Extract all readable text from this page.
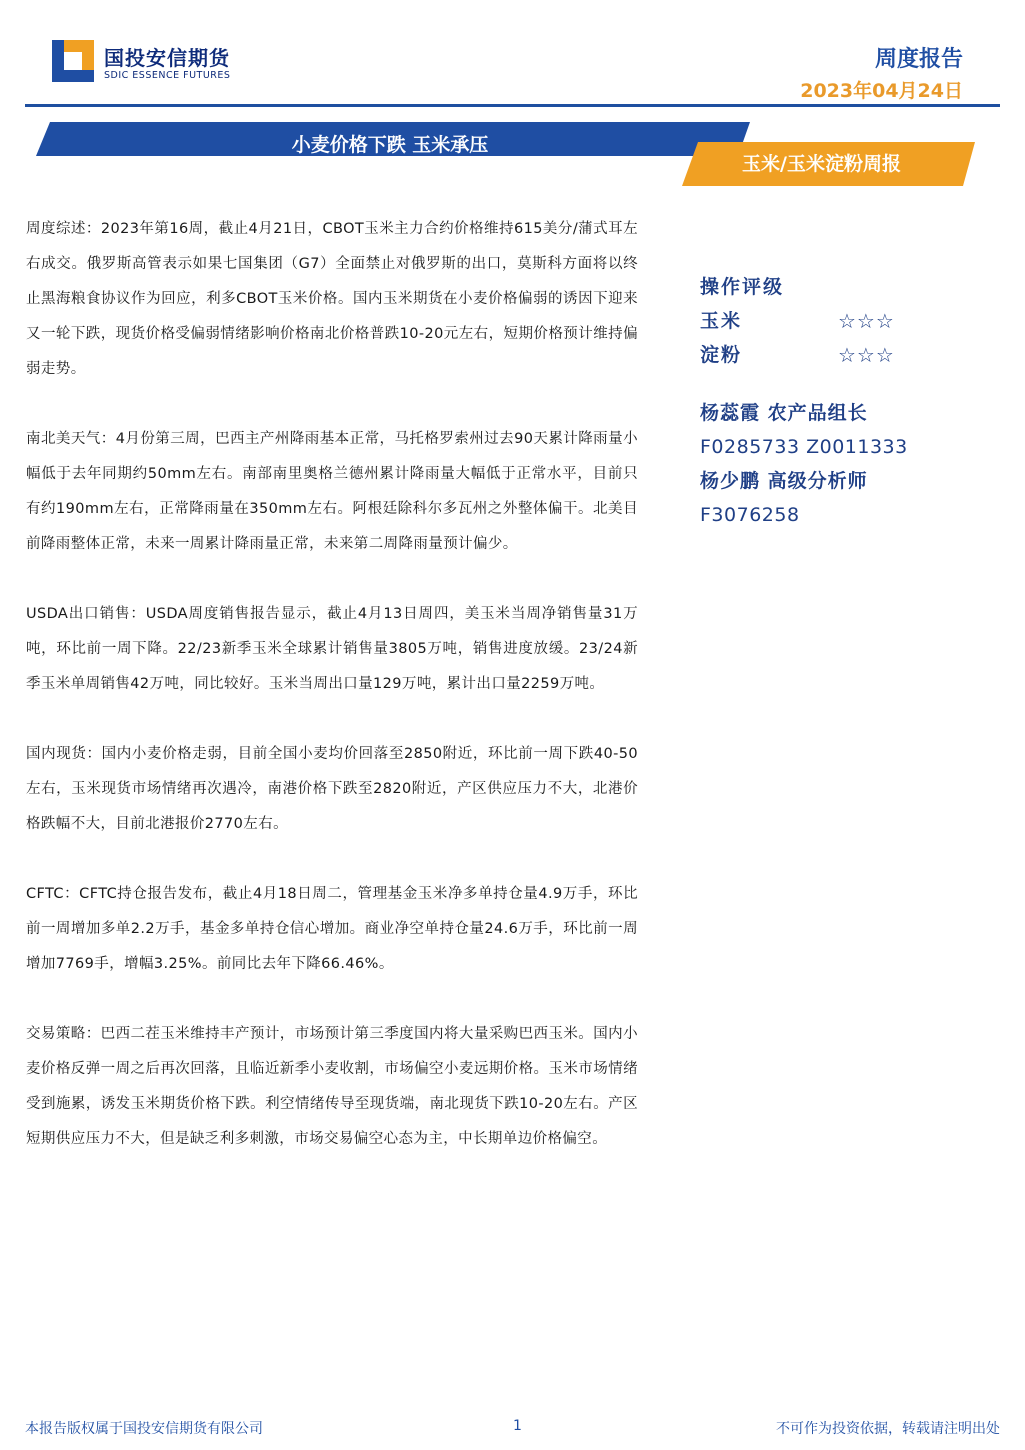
国投安信期货
SDIC ESSENCE FUTURES
周度报告
2023年04月24日
小麦价格下跌 玉米承压
玉米/玉米淀粉周报

周度综述：2023年第16周，截止4月21日，CBOT玉米主力合约价格维持615美分/蒲式耳左右成交。俄罗斯高管表示如果七国集团（G7）全面禁止对俄罗斯的出口，莫斯科方面将以终止黑海粮食协议作为回应，利多CBOT玉米价格。国内玉米期货在小麦价格偏弱的诱因下迎来又一轮下跌，现货价格受偏弱情绪影响价格南北价格普跌10-20元左右，短期价格预计维持偏弱走势。

南北美天气：4月份第三周，巴西主产州降雨基本正常，马托格罗索州过去90天累计降雨量小幅低于去年同期约50mm左右。南部南里奥格兰德州累计降雨量大幅低于正常水平，目前只有约190mm左右，正常降雨量在350mm左右。阿根廷除科尔多瓦州之外整体偏干。北美目前降雨整体正常，未来一周累计降雨量正常，未来第二周降雨量预计偏少。

USDA出口销售：USDA周度销售报告显示，截止4月13日周四，美玉米当周净销售量31万吨，环比前一周下降。22/23新季玉米全球累计销售量3805万吨，销售进度放缓。23/24新季玉米单周销售42万吨，同比较好。玉米当周出口量129万吨，累计出口量2259万吨。

国内现货：国内小麦价格走弱，目前全国小麦均价回落至2850附近，环比前一周下跌40-50左右，玉米现货市场情绪再次遇冷，南港价格下跌至2820附近，产区供应压力不大，北港价格跌幅不大，目前北港报价2770左右。

CFTC：CFTC持仓报告发布，截止4月18日周二，管理基金玉米净多单持仓量4.9万手，环比前一周增加多单2.2万手，基金多单持仓信心增加。商业净空单持仓量24.6万手，环比前一周增加7769手，增幅3.25%。前同比去年下降66.46%。

交易策略：巴西二茬玉米维持丰产预计，市场预计第三季度国内将大量采购巴西玉米。国内小麦价格反弹一周之后再次回落，且临近新季小麦收割，市场偏空小麦远期价格。玉米市场情绪受到施累，诱发玉米期货价格下跌。利空情绪传导至现货端，南北现货下跌10-20左右。产区短期供应压力不大，但是缺乏利多刺激，市场交易偏空心态为主，中长期单边价格偏空。

操作评级
玉米	☆☆☆
淀粉	☆☆☆
杨蕊霞 农产品组长
F0285733 Z0011333
杨少鹏 高级分析师
F3076258
本报告版权属于国投安信期货有限公司	1	不可作为投资依据，转载请注明出处
